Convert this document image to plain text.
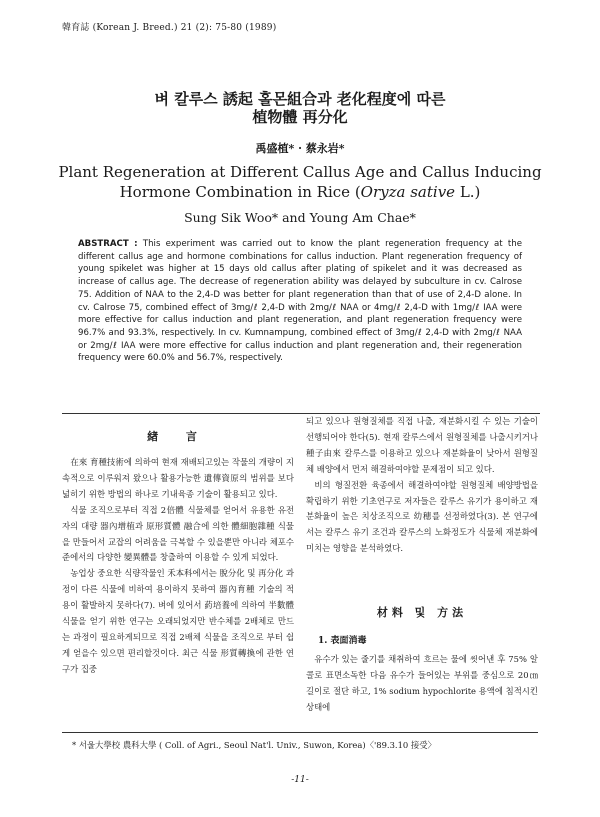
韓育誌 (Korean J. Breed.) 21 (2): 75-80 (1989)
벼 칼루스 誘起 홀몬組合과 老化程度에 따른
植物體 再分化
禹盛植* · 蔡永岩*
Plant Regeneration at Different Callus Age and Callus Inducing
Hormone Combination in Rice (Oryza sative L.)
Sung Sik Woo* and Young Am Chae*
ABSTRACT : This experiment was carried out to know the plant regeneration frequency at the different callus age and hormone combinations for callus induction. Plant regeneration frequency of young spikelet was higher at 15 days old callus after plating of spikelet and it was decreased as increase of callus age. The decrease of regeneration ability was delayed by subculture in cv. Calrose 75. Addition of NAA to the 2,4-D was better for plant regeneration than that of use of 2,4-D alone. In cv. Calrose 75, combined effect of 3mg/ℓ 2,4-D with 2mg/ℓ NAA or 4mg/ℓ 2,4-D with 1mg/ℓ IAA were more effective for callus induction and plant regeneration, and plant regeneration frequency were 96.7% and 93.3%, respectively. In cv. Kumnampung, combined effect of 3mg/ℓ 2,4-D with 2mg/ℓ NAA or 2mg/ℓ IAA were more effective for callus induction and plant regeneration and, their regeneration frequency were 60.0% and 56.7%, respectively.
緖 言

在來 育種技術에 의하여 현재 재배되고있는 작물의 개량이 지속적으로 이루워져 왔으나 활용가능한 遺傳資原의 범위를 보다 넓히기 위한 방법의 하나로 기내육종 기술이 활용되고 있다.

식물 조직으로부터 직접 2倍體 식물체를 얻어서 유용한 유전자의 대량 器內增植과 原形質體 融合에 의한 體細胞雜種 식물을 만들어서 교잡의 어려움을 극복할 수 있을뿐만 아니라 체포수준에서의 다양한 變異體를 창출하여 이용할 수 있게 되었다.

농업상 중요한 식량작물인 禾本科에서는 脫分化 및 再分化 과정이 다른 식물에 비하여 용이하지 못하여 器內育種 기술의 적용이 활발하지 못하다(7). 벼에 있어서 葯培養에 의하여 半數體 식물을 얻기 위한 연구는 오래되었지만 반수체를 2배체로 만드는 과정이 필요하게되므로 직접 2배체 식물을 조직으로 부터 쉽게 얻을수 있으면 편리할것이다. 최근 식물 形質轉換에 관한 연구가 집중

되고 있으나 원형질체를 직접 나출, 재분화시킬 수 있는 기술이 선행되어야 한다(5). 현재 칼루스에서 원형질체를 나출시키거나 種子由來 칼루스를 이용하고 있으나 재분화율이 낮아서 원형질체 배양에서 먼저 해결하여야할 문제점이 되고 있다.

비의 형질전환 육종에서 해결하여야할 원형질체 배양방법을 확립하기 위한 기초연구로 저자들은 칼루스 유기가 용이하고 재분화율이 높은 치상조직으로 幼穗를 선정하였다(3). 본 연구에서는 칼루스 유기 조건과 칼루스의 노화정도가 식물체 재분화에 미치는 영향을 분석하였다.

材料 및 方法
1. 表面消毒

유수가 있는 줄기를 채취하여 흐르는 물에 씻어낸 후 75% 알콜로 표면소독한 다음 유수가 들어있는 부위를 중심으로 20㎝ 길이로 절단 하고, 1% sodium hypochlorite 용액에 침적시킨 상태에

* 서울大學校 農科大學 ( Coll. of Agri., Seoul Nat'l. Univ., Suwon, Korea)〈'89.3.10 接受〉
-11-
